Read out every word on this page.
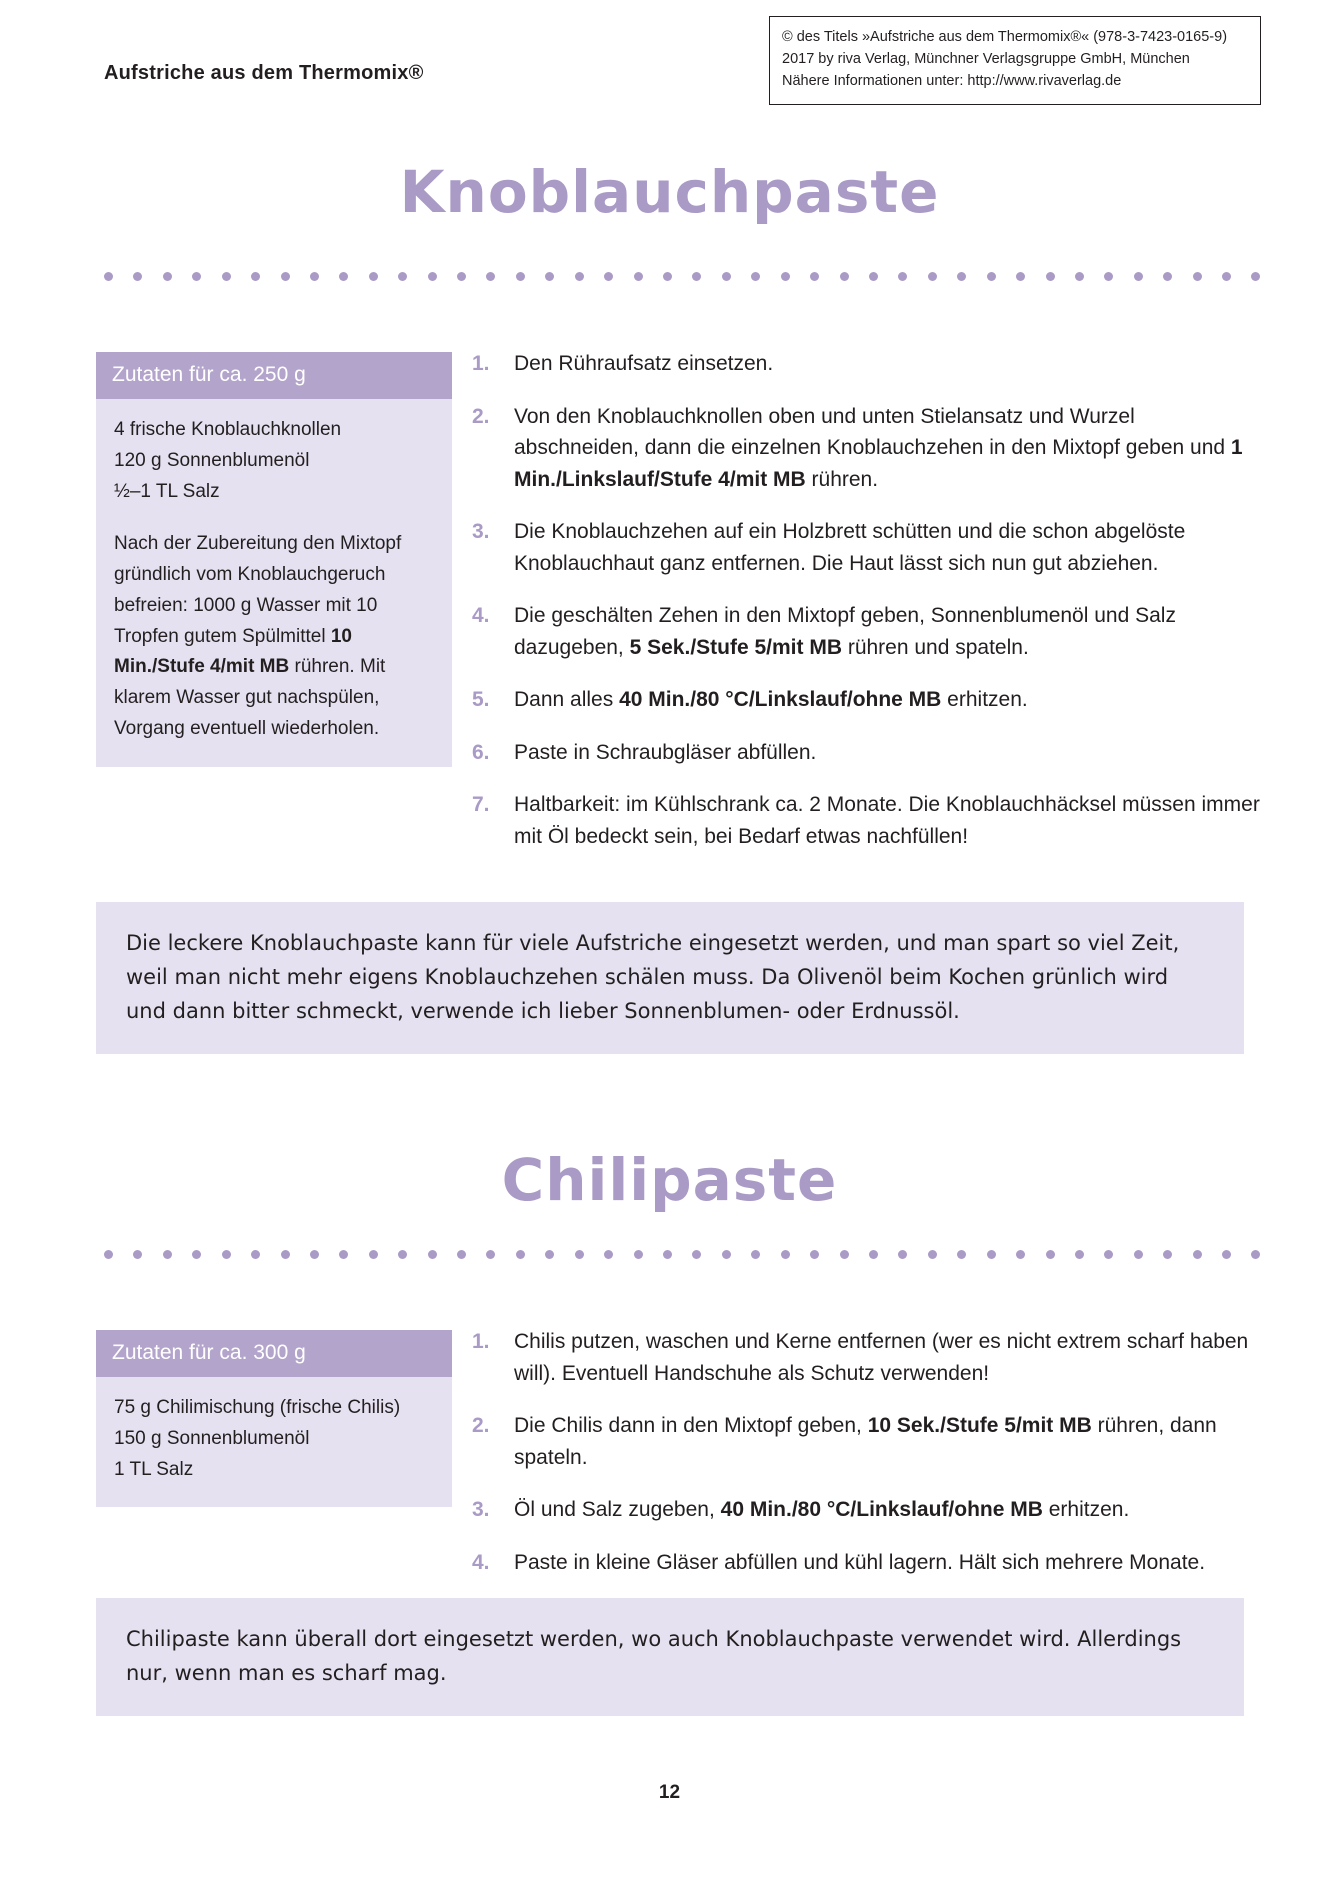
Aufstriche aus dem Thermomix®
© des Titels »Aufstriche aus dem Thermomix®« (978-3-7423-0165-9)
2017 by riva Verlag, Münchner Verlagsgruppe GmbH, München
Nähere Informationen unter: http://www.rivaverlag.de
Knoblauchpaste
Zutaten für ca. 250 g

4 frische Knoblauchknollen

120 g Sonnenblumenöl

½–1 TL Salz

Nach der Zubereitung den Mixtopf gründlich vom Knoblauchgeruch befreien: 1000 g Wasser mit 10 Tropfen gutem Spülmittel 10 Min./Stufe 4/mit MB rühren. Mit klarem Wasser gut nachspülen, Vorgang eventuell wiederholen.

1.	Den Rühraufsatz einsetzen.
2.	Von den Knoblauchknollen oben und unten Stielansatz und Wurzel abschneiden, dann die einzelnen Knoblauchzehen in den Mixtopf geben und 1 Min./Linkslauf/Stufe 4/mit MB rühren.
3.	Die Knoblauchzehen auf ein Holzbrett schütten und die schon abgelöste Knoblauchhaut ganz entfernen. Die Haut lässt sich nun gut abziehen.
4.	Die geschälten Zehen in den Mixtopf geben, Sonnenblumenöl und Salz dazugeben, 5 Sek./Stufe 5/mit MB rühren und spateln.
5.	Dann alles 40 Min./80 °C/Linkslauf/ohne MB erhitzen.
6.	Paste in Schraubgläser abfüllen.
7.	Haltbarkeit: im Kühlschrank ca. 2 Monate. Die Knoblauchhäcksel müssen immer mit Öl bedeckt sein, bei Bedarf etwas nachfüllen!
Die leckere Knoblauchpaste kann für viele Aufstriche eingesetzt werden, und man spart so viel Zeit, weil man nicht mehr eigens Knoblauchzehen schälen muss. Da Olivenöl beim Kochen grünlich wird und dann bitter schmeckt, verwende ich lieber Sonnenblumen- oder Erdnussöl.
Chilipaste
Zutaten für ca. 300 g

75 g Chilimischung (frische Chilis)

150 g Sonnenblumenöl

1 TL Salz

1.	Chilis putzen, waschen und Kerne entfernen (wer es nicht extrem scharf haben will). Eventuell Handschuhe als Schutz verwenden!
2.	Die Chilis dann in den Mixtopf geben, 10 Sek./Stufe 5/mit MB rühren, dann spateln.
3.	Öl und Salz zugeben, 40 Min./80 °C/Linkslauf/ohne MB erhitzen.
4.	Paste in kleine Gläser abfüllen und kühl lagern. Hält sich mehrere Monate.
Chilipaste kann überall dort eingesetzt werden, wo auch Knoblauchpaste verwendet wird. Allerdings nur, wenn man es scharf mag.
12
